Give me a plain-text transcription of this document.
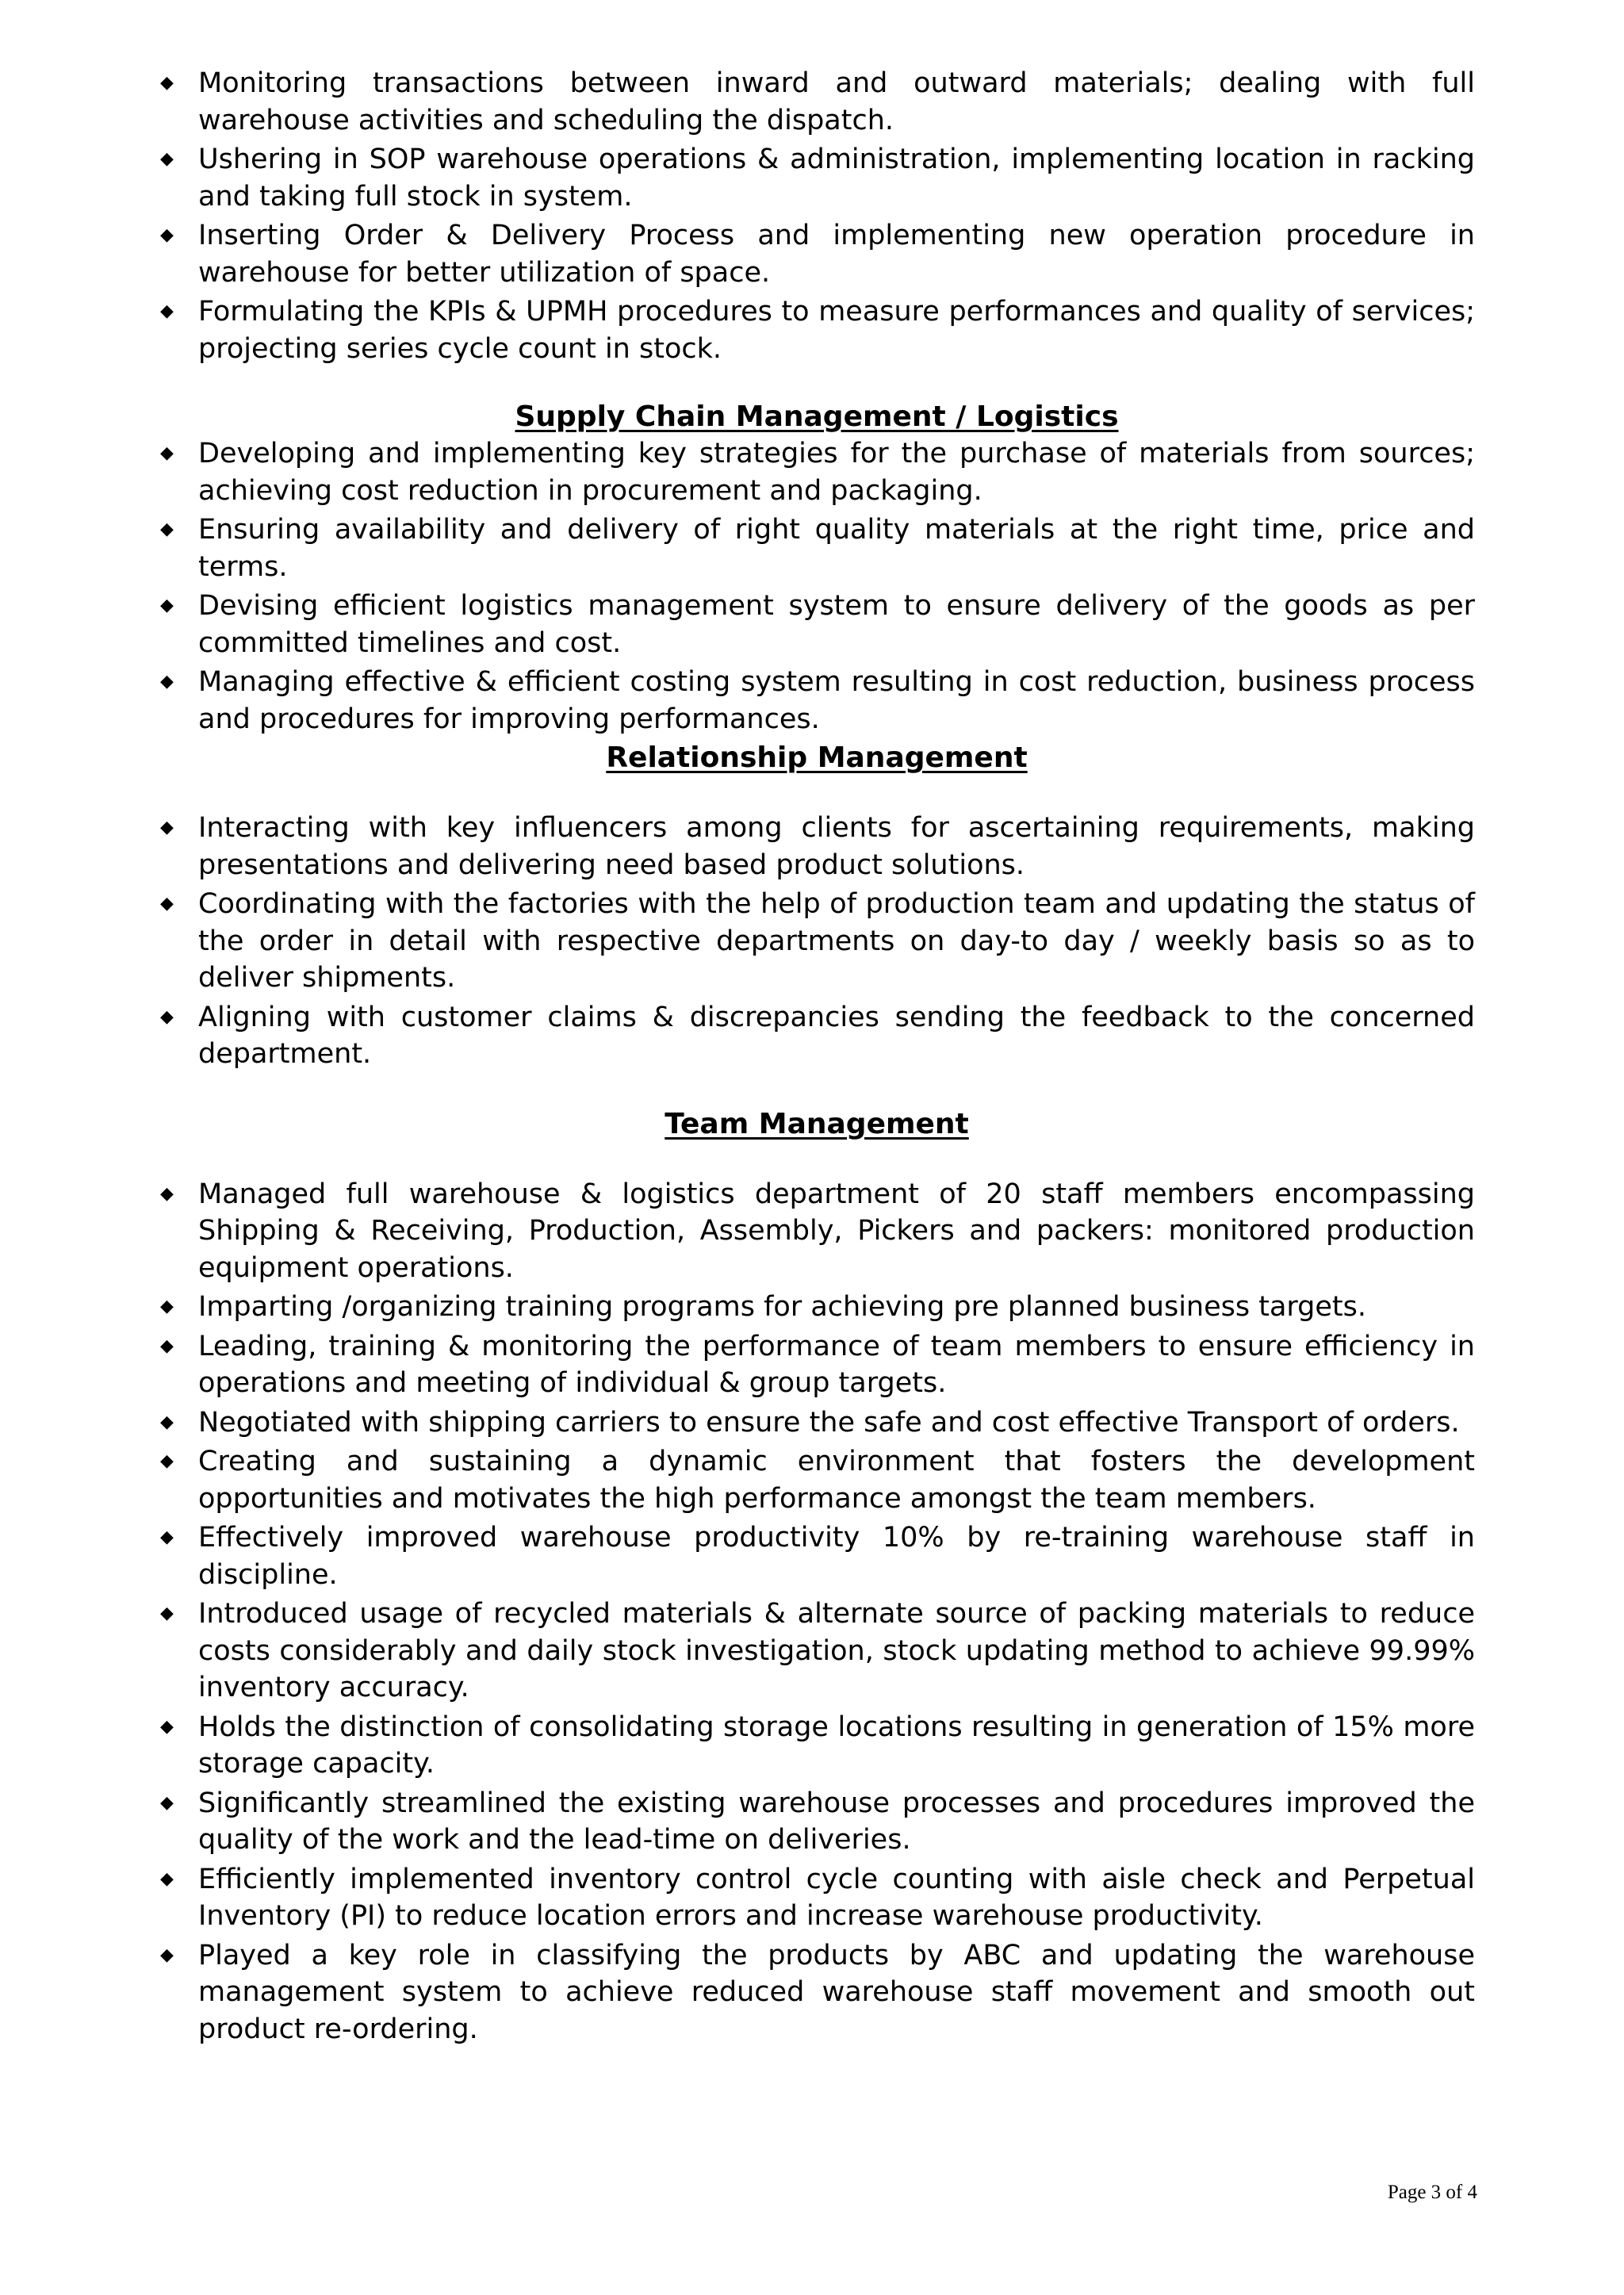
◆ Monitoring transactions between inward and outward materials; dealing with full warehouse activities and scheduling the dispatch.
◆ Ushering in SOP warehouse operations & administration, implementing location in racking and taking full stock in system.
◆ Inserting Order & Delivery Process and implementing new operation procedure in warehouse for better utilization of space.
◆ Formulating the KPIs & UPMH procedures to measure performances and quality of services; projecting series cycle count in stock.
Supply Chain Management / Logistics
◆ Developing and implementing key strategies for the purchase of materials from sources; achieving cost reduction in procurement and packaging.
◆ Ensuring availability and delivery of right quality materials at the right time, price and terms.
◆ Devising efficient logistics management system to ensure delivery of the goods as per committed timelines and cost.
◆ Managing effective & efficient costing system resulting in cost reduction, business process and procedures for improving performances.
Relationship Management
◆ Interacting with key influencers among clients for ascertaining requirements, making presentations and delivering need based product solutions.
◆ Coordinating with the factories with the help of production team and updating the status of the order in detail with respective departments on day-to day / weekly basis so as to deliver shipments.
◆ Aligning with customer claims & discrepancies sending the feedback to the concerned department.
Team Management
◆ Managed full warehouse & logistics department of 20 staff members encompassing Shipping & Receiving, Production, Assembly, Pickers and packers: monitored production equipment operations.
◆ Imparting /organizing training programs for achieving pre planned business targets.
◆ Leading, training & monitoring the performance of team members to ensure efficiency in operations and meeting of individual & group targets.
◆ Negotiated with shipping carriers to ensure the safe and cost effective Transport of orders.
◆ Creating and sustaining a dynamic environment that fosters the development opportunities and motivates the high performance amongst the team members.
◆ Effectively improved warehouse productivity 10% by re-training warehouse staff in discipline.
◆ Introduced usage of recycled materials & alternate source of packing materials to reduce costs considerably and daily stock investigation, stock updating method to achieve 99.99% inventory accuracy.
◆ Holds the distinction of consolidating storage locations resulting in generation of 15% more storage capacity.
◆ Significantly streamlined the existing warehouse processes and procedures improved the quality of the work and the lead-time on deliveries.
◆ Efficiently implemented inventory control cycle counting with aisle check and Perpetual Inventory (PI) to reduce location errors and increase warehouse productivity.
◆ Played a key role in classifying the products by ABC and updating the warehouse management system to achieve reduced warehouse staff movement and smooth out product re-ordering.
Page 3 of 4
